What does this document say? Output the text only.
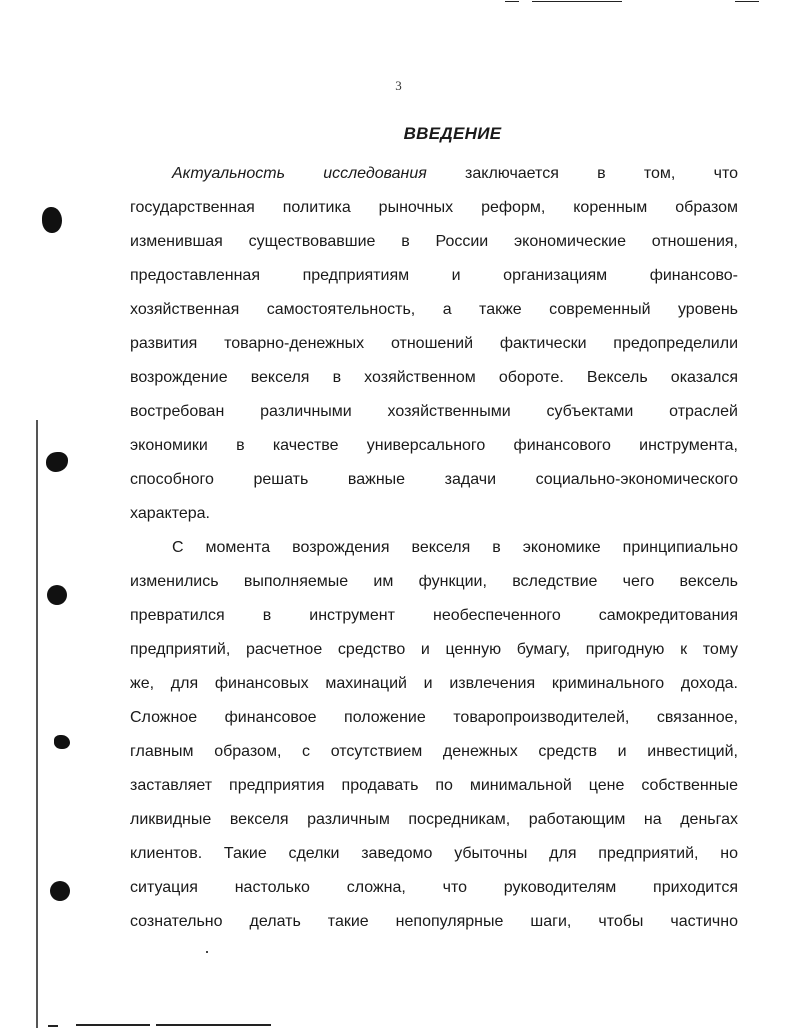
3
ВВЕДЕНИЕ
Актуальность исследования заключается в том, что
государственная политика рыночных реформ, коренным образом
изменившая существовавшие в России экономические отношения,
предоставленная предприятиям и организациям финансово-
хозяйственная самостоятельность, а также современный уровень
развития товарно-денежных отношений фактически предопределили
возрождение векселя в хозяйственном обороте. Вексель оказался
востребован различными хозяйственными субъектами отраслей
экономики в качестве универсального финансового инструмента,
способного решать важные задачи социально-экономического
характера.
С момента возрождения векселя в экономике принципиально
изменились выполняемые им функции, вследствие чего вексель
превратился в инструмент необеспеченного самокредитования
предприятий, расчетное средство и ценную бумагу, пригодную к тому
же, для финансовых махинаций и извлечения криминального дохода.
Сложное финансовое положение товаропроизводителей, связанное,
главным образом, с отсутствием денежных средств и инвестиций,
заставляет предприятия продавать по минимальной цене собственные
ликвидные векселя различным посредникам, работающим на деньгах
клиентов. Такие сделки заведомо убыточны для предприятий, но
ситуация настолько сложна, что руководителям приходится
сознательно делать такие непопулярные шаги, чтобы частично
